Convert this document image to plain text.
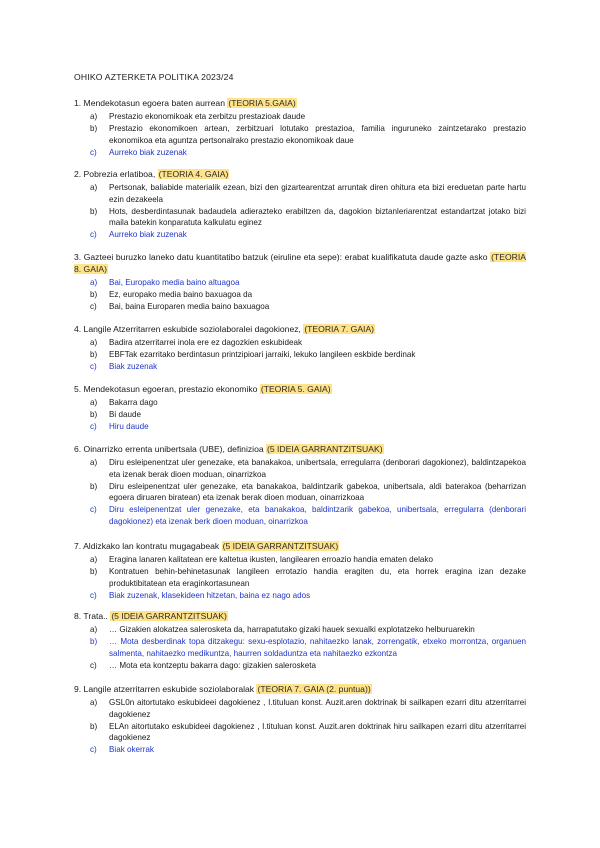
OHIKO AZTERKETA POLITIKA 2023/24
1. Mendekotasun egoera baten aurrean (TEORIA 5.GAIA)
a) Prestazio ekonomikoak eta zerbitzu prestazioak daude
b) Prestazio ekonomikoen artean, zerbitzuari lotutako prestazioa, familia inguruneko zaintzetarako prestazio ekonomikoa eta aguntza pertsonalrako prestazio ekonomikoak daue
c) Aurreko biak zuzenak
2. Pobrezia erlatiboa, (TEORIA 4. GAIA)
a) Pertsonak, baliabide materialik ezean, bizi den gizartearentzat arruntak diren ohitura eta bizi ereduetan parte hartu ezin dezakeela
b) Hots, desberdintasunak badaudela adierazteko erabiltzen da, dagokion biztanleriarentzat estandartzat jotako bizi maila batekin konparatuta kalkulatu eginez
c) Aurreko biak zuzenak
3. Gazteei buruzko laneko datu kuantitatibo batzuk (eiruline eta sepe): erabat kualifikatuta daude gazte asko (TEORIA 8. GAIA)
a) Bai, Europako media baino altuagoa
b) Ez, europako media baino baxuagoa da
c) Bai, baina Europaren media baino baxuagoa
4. Langile Atzerritarren eskubide soziolaboralei dagokionez, (TEORIA 7. GAIA)
a) Badira atzerritarrei inola ere ez dagozkien eskubideak
b) EBFTak ezarritako berdintasun printzipioari jarraiki, lekuko langileen eskbide berdinak
c) Biak zuzenak
5. Mendekotasun egoeran, prestazio ekonomiko (TEORIA 5. GAIA)
a) Bakarra dago
b) Bi daude
c) Hiru daude
6. Oinarrizko errenta unibertsala (UBE), definizioa (5 IDEIA GARRANTZITSUAK)
a) Diru esleipenentzat uler genezake, eta banakakoa, unibertsala, erregularra (denborari dagokionez), baldintzapekoa eta izenak berak dioen moduan, oinarrizkoa
b) Diru esleipenentzat uler genezake, eta banakakoa, baldintzarik gabekoa, unibertsala, aldi baterakoa (beharrizan egoera diruaren biratean) eta izenak berak dioen moduan, oinarrizkoaa
c) Diru esleipenentzat uler genezake, eta banakakoa, baldintzarik gabekoa, unibertsala, erregularra (denborari dagokionez) eta izenak berk dioen moduan, oinarrizkoa
7. Aldizkako lan kontratu mugagabeak (5 IDEIA GARRANTZITSUAK)
a) Eragina lanaren kalitatean ere kaltetua ikusten, langilearen erroazio handia ematen delako
b) Kontratuen behin-behinetasunak langileen errotazio handia eragiten du, eta horrek eragina izan dezake produktibitatean eta eraginkortasunean
c) Biak zuzenak, klasekideen hitzetan, baina ez nago ados
8. Trata.. (5 IDEIA GARRANTZITSUAK)
a) … Gizakien alokatzea salerosketa da, harrapatutako gizaki hauek sexualki explotatzeko helburuarekin
b) … Mota desberdinak topa ditzakegu: sexu-esplotazio, nahitaezko lanak, zorrengatik, etxeko morrontza, organuen salmenta, nahitaezko medikuntza, haurren soldaduntza eta nahitaezko ezkontza
c) … Mota eta kontzeptu bakarra dago: gizakien salerosketa
9. Langile atzerritarren eskubide soziolaboralak (TEORIA 7. GAIA (2. puntua))
a) GSL0n aitortutako eskubideei dagokienez , I.tituluan konst. Auzit.aren doktrinak bi sailkapen ezarri ditu atzerritarrei dagokienez
b) ELAn aitortutako eskubideei dagokienez , I.tituluan konst. Auzit.aren doktrinak hiru sailkapen ezarri ditu atzerritarrei dagokienez
c) Biak okerrak
